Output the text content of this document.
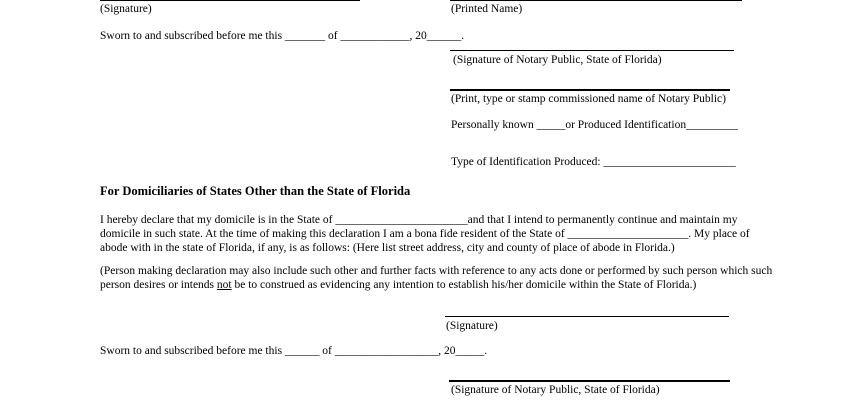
(Signature)	(Printed Name)
Sworn to and subscribed before me this _______ of ____________, 20______.
(Signature of Notary Public, State of Florida)
(Print, type or stamp commissioned name of Notary Public)
Personally known _____or Produced Identification_________
Type of Identification Produced: _______________________
For Domiciliaries of States Other than the State of Florida
I hereby declare that my domicile is in the State of _______________________and that I intend to permanently continue and maintain my
domicile in such state. At the time of making this declaration I am a bona fide resident of the State of _____________________. My place of
abode with in the state of Florida, if any, is as follows: (Here list street address, city and county of place of abode in Florida.)
(Person making declaration may also include such other and further facts with reference to any acts done or performed by such person which such
person desires or intends not be to construed as evidencing any intention to establish his/her domicile within the State of Florida.)
(Signature)
Sworn to and subscribed before me this ______ of __________________, 20_____.
(Signature of Notary Public, State of Florida)
